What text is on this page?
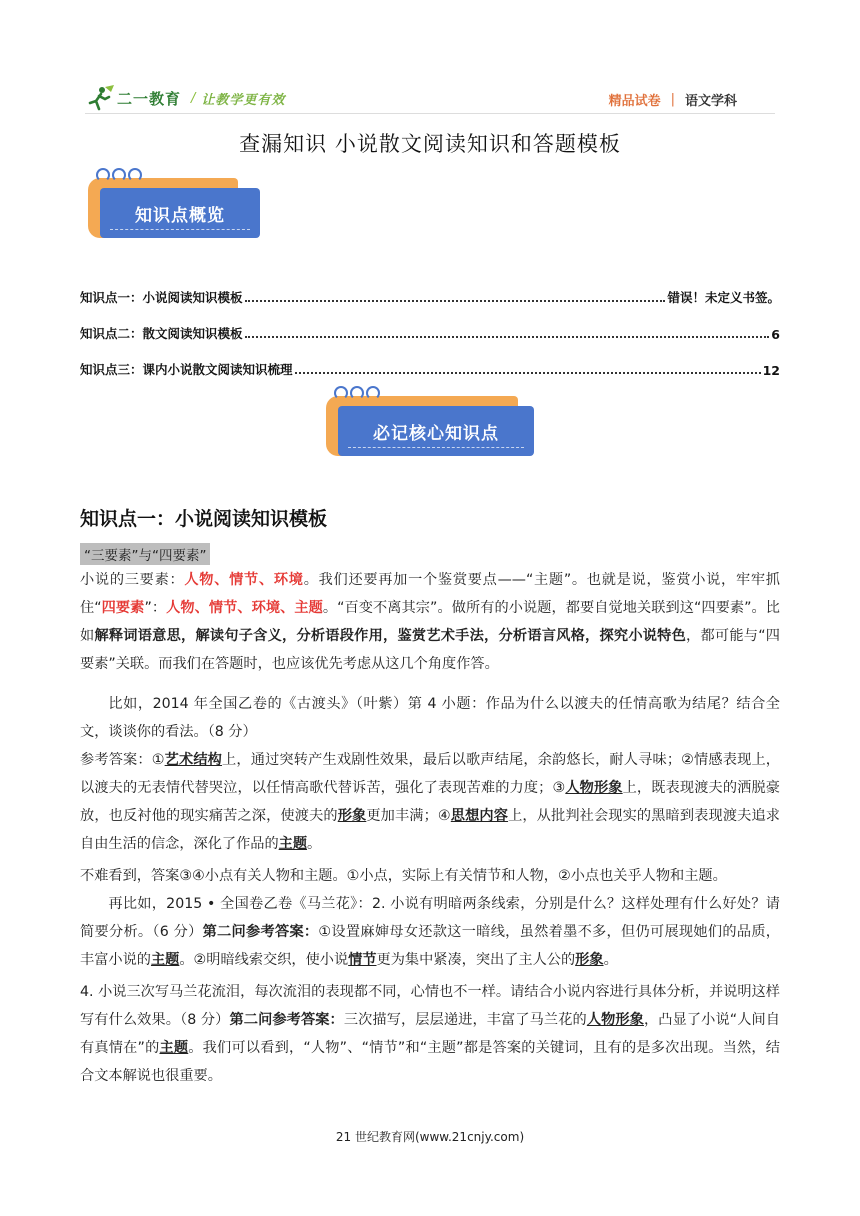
二一教育 / 让教学更有效	精品试卷 | 语文学科
查漏知识 小说散文阅读知识和答题模板
知识点概览
知识点一：小说阅读知识模板	错误！未定义书签。
知识点二：散文阅读知识模板	6
知识点三：课内小说散文阅读知识梳理	12
必记核心知识点
知识点一：小说阅读知识模板
“三要素”与“四要素”
小说的三要素：人物、情节、环境。我们还要再加一个鉴赏要点——“主题”。也就是说，鉴赏小说，牢牢抓住“四要素”：人物、情节、环境、主题。“百变不离其宗”。做所有的小说题，都要自觉地关联到这“四要素”。比如解释词语意思，解读句子含义，分析语段作用，鉴赏艺术手法，分析语言风格，探究小说特色，都可能与“四要素”关联。而我们在答题时，也应该优先考虑从这几个角度作答。
比如，2014 年全国乙卷的《古渡头》（叶紫）第 4 小题：作品为什么以渡夫的任情高歌为结尾？结合全文，谈谈你的看法。（8 分）
参考答案：①艺术结构上，通过突转产生戏剧性效果，最后以歌声结尾，余韵悠长，耐人寻味；②情感表现上，以渡夫的无表情代替哭泣，以任情高歌代替诉苦，强化了表现苦难的力度；③人物形象上，既表现渡夫的洒脱豪放，也反衬他的现实痛苦之深，使渡夫的形象更加丰满；④思想内容上，从批判社会现实的黑暗到表现渡夫追求自由生活的信念，深化了作品的主题。
不难看到，答案③④小点有关人物和主题。①小点，实际上有关情节和人物，②小点也关乎人物和主题。
再比如，2015 • 全国卷乙卷《马兰花》：2. 小说有明暗两条线索，分别是什么？这样处理有什么好处？请简要分析。（6 分）第二问参考答案：①设置麻婶母女还款这一暗线，虽然着墨不多，但仍可展现她们的品质，丰富小说的主题。②明暗线索交织，使小说情节更为集中紧凑，突出了主人公的形象。
4. 小说三次写马兰花流泪，每次流泪的表现都不同，心情也不一样。请结合小说内容进行具体分析，并说明这样写有什么效果。（8 分）第二问参考答案：三次描写，层层递进，丰富了马兰花的人物形象，凸显了小说“人间自有真情在”的主题。我们可以看到，“人物”、“情节”和“主题”都是答案的关键词，且有的是多次出现。当然，结合文本解说也很重要。
21 世纪教育网(www.21cnjy.com)
